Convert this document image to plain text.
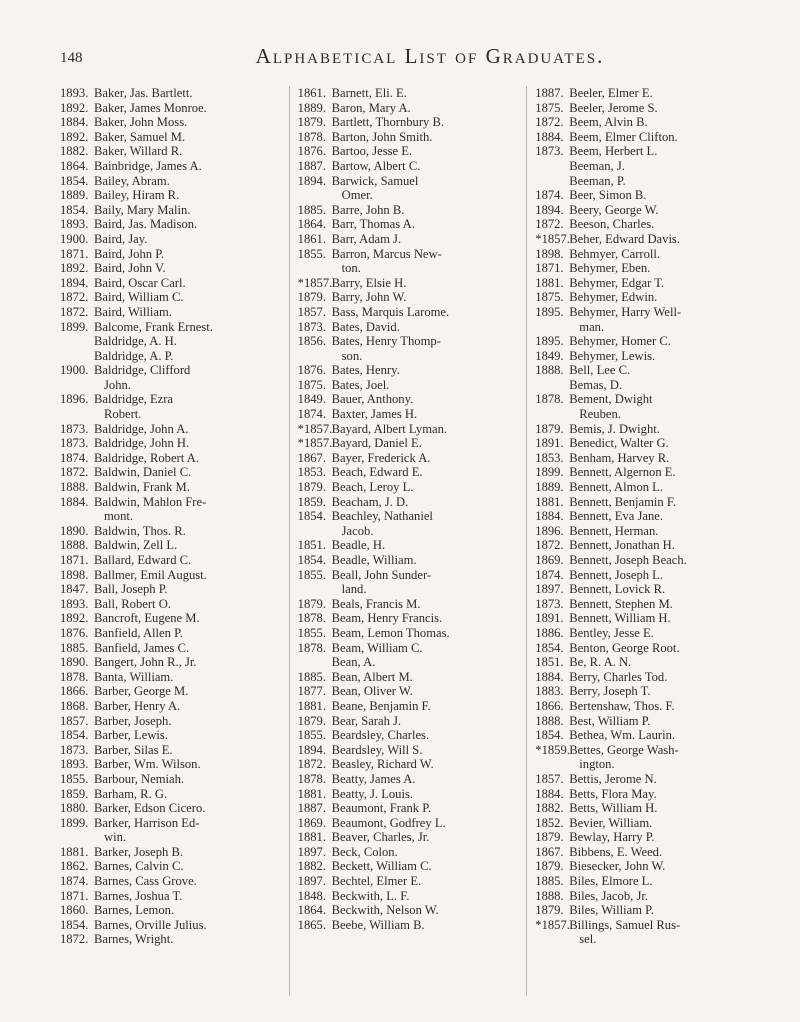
148	Alphabetical List of Graduates.
1893. Baker, Jas. Bartlett.
1892. Baker, James Monroe.
1884. Baker, John Moss.
1892. Baker, Samuel M.
1882. Baker, Willard R.
1864. Bainbridge, James A.
1854. Bailey, Abram.
1889. Bailey, Hiram R.
1854. Baily, Mary Malin.
1893. Baird, Jas. Madison.
1900. Baird, Jay.
1871. Baird, John P.
1892. Baird, John V.
1894. Baird, Oscar Carl.
1872. Baird, William C.
1872. Baird, William.
1899. Balcome, Frank Ernest.
Baldridge, A. H.
Baldridge, A. P.
1900. Baldridge, Clifford
John.
1896. Baldridge, Ezra
Robert.
1873. Baldridge, John A.
1873. Baldridge, John H.
1874. Baldridge, Robert A.
1872. Baldwin, Daniel C.
1888. Baldwin, Frank M.
1884. Baldwin, Mahlon Fre-
mont.
1890. Baldwin, Thos. R.
1888. Baldwin, Zell L.
1871. Ballard, Edward C.
1898. Ballmer, Emil August.
1847. Ball, Joseph P.
1893. Ball, Robert O.
1892. Bancroft, Eugene M.
1876. Banfield, Allen P.
1885. Banfield, James C.
1890. Bangert, John R., Jr.
1878. Banta, William.
1866. Barber, George M.
1868. Barber, Henry A.
1857. Barber, Joseph.
1854. Barber, Lewis.
1873. Barber, Silas E.
1893. Barber, Wm. Wilson.
1855. Barbour, Nemiah.
1859. Barham, R. G.
1880. Barker, Edson Cicero.
1899. Barker, Harrison Ed-
win.
1881. Barker, Joseph B.
1862. Barnes, Calvin C.
1874. Barnes, Cass Grove.
1871. Barnes, Joshua T.
1860. Barnes, Lemon.
1854. Barnes, Orville Julius.
1872. Barnes, Wright.
1861. Barnett, Eli. E.
1889. Baron, Mary A.
1879. Bartlett, Thornbury B.
1878. Barton, John Smith.
1876. Bartoo, Jesse E.
1887. Bartow, Albert C.
1894. Barwick, Samuel
Omer.
1885. Barre, John B.
1864. Barr, Thomas A.
1861. Barr, Adam J.
1855. Barron, Marcus New-
ton.
*1857. Barry, Elsie H.
1879. Barry, John W.
1857. Bass, Marquis Larome.
1873. Bates, David.
1856. Bates, Henry Thomp-
son.
1876. Bates, Henry.
1875. Bates, Joel.
1849. Bauer, Anthony.
1874. Baxter, James H.
*1857. Bayard, Albert Lyman.
*1857. Bayard, Daniel E.
1867. Bayer, Frederick A.
1853. Beach, Edward E.
1879. Beach, Leroy L.
1859. Beacham, J. D.
1854. Beachley, Nathaniel
Jacob.
1851. Beadle, H.
1854. Beadle, William.
1855. Beall, John Sunder-
land.
1879. Beals, Francis M.
1878. Beam, Henry Francis.
1855. Beam, Lemon Thomas.
1878. Beam, William C.
Bean, A.
1885. Bean, Albert M.
1877. Bean, Oliver W.
1881. Beane, Benjamin F.
1879. Bear, Sarah J.
1855. Beardsley, Charles.
1894. Beardsley, Will S.
1872. Beasley, Richard W.
1878. Beatty, James A.
1881. Beatty, J. Louis.
1887. Beaumont, Frank P.
1869. Beaumont, Godfrey L.
1881. Beaver, Charles, Jr.
1897. Beck, Colon.
1882. Beckett, William C.
1897. Bechtel, Elmer E.
1848. Beckwith, L. F.
1864. Beckwith, Nelson W.
1865. Beebe, William B.
1887. Beeler, Elmer E.
1875. Beeler, Jerome S.
1872. Beem, Alvin B.
1884. Beem, Elmer Clifton.
1873. Beem, Herbert L.
Beeman, J.
Beeman, P.
1874. Beer, Simon B.
1894. Beery, George W.
1872. Beeson, Charles.
*1857. Beher, Edward Davis.
1898. Behmyer, Carroll.
1871. Behymer, Eben.
1881. Behymer, Edgar T.
1875. Behymer, Edwin.
1895. Behymer, Harry Well-
man.
1895. Behymer, Homer C.
1849. Behymer, Lewis.
1888. Bell, Lee C.
Bemas, D.
1878. Bement, Dwight
Reuben.
1879. Bemis, J. Dwight.
1891. Benedict, Walter G.
1853. Benham, Harvey R.
1899. Bennett, Algernon E.
1889. Bennett, Almon L.
1881. Bennett, Benjamin F.
1884. Bennett, Eva Jane.
1896. Bennett, Herman.
1872. Bennett, Jonathan H.
1869. Bennett, Joseph Beach.
1874. Bennett, Joseph L.
1897. Bennett, Lovick R.
1873. Bennett, Stephen M.
1891. Bennett, William H.
1886. Bentley, Jesse E.
1854. Benton, George Root.
1851. Be, R. A. N.
1884. Berry, Charles Tod.
1883. Berry, Joseph T.
1866. Bertenshaw, Thos. F.
1888. Best, William P.
1854. Bethea, Wm. Laurin.
*1859. Bettes, George Wash-
ington.
1857. Bettis, Jerome N.
1884. Betts, Flora May.
1882. Betts, William H.
1852. Bevier, William.
1879. Bewlay, Harry P.
1867. Bibbens, E. Weed.
1879. Biesecker, John W.
1885. Biles, Elmore L.
1888. Biles, Jacob, Jr.
1879. Biles, William P.
*1857. Billings, Samuel Rus-
sel.
